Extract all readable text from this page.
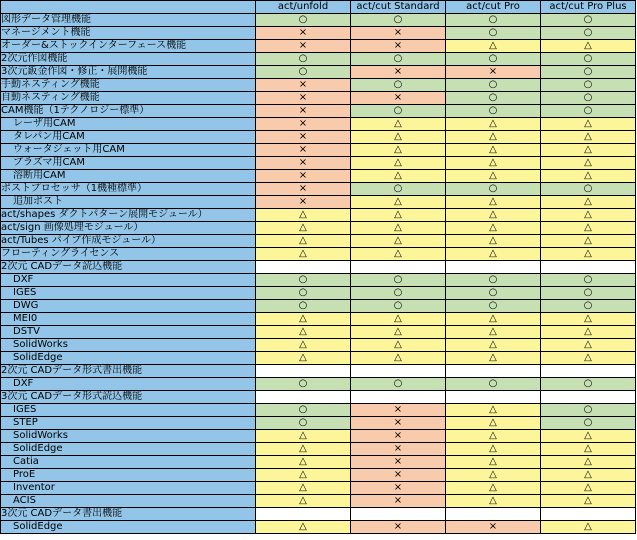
	act/unfold	act/cut Standard	act/cut Pro	act/cut Pro Plus
図形データ管理機能	○	○	○	○
マネージメント機能	×	×	○	○
オーダー&ストックインターフェース機能	×	×	△	△
2次元作図機能	○	○	○	○
3次元鈑金作図・修正・展開機能	○	×	×	○
手動ネスティング機能	×	○	○	○
自動ネスティング機能	×	×	○	○
CAM機能（1テクノロジー標準）	×	○	○	○
レーザ用CAM	×	△	△	△
タレパン用CAM	×	△	△	△
ウォータジェット用CAM	×	△	△	△
プラズマ用CAM	×	△	△	△
溶断用CAM	×	△	△	△
ポストプロセッサ（1機種標準）	×	○	○	○
追加ポスト	×	△	△	△
act/shapes ダクトパターン展開モジュール）	△	△	△	△
act/sign 画像処理モジュール）	△	△	△	△
act/Tubes パイプ作成モジュール）	△	△	△	△
フローティングライセンス	△	△	△	△
2次元 CADデータ読込機能				
DXF	○	○	○	○
IGES	○	○	○	○
DWG	○	○	○	○
MEI0	△	△	△	△
DSTV	△	△	△	△
SolidWorks	△	△	△	△
SolidEdge	△	△	△	△
2次元 CADデータ形式書出機能				
DXF	○	○	○	○
3次元 CADデータ形式読込機能				
IGES	○	×	△	○
STEP	○	×	△	○
SolidWorks	△	×	△	△
SolidEdge	△	×	△	△
Catia	△	×	△	△
ProE	△	×	△	△
Inventor	△	×	△	△
ACIS	△	×	△	△
3次元 CADデータ書出機能				
SolidEdge	△	×	×	△
